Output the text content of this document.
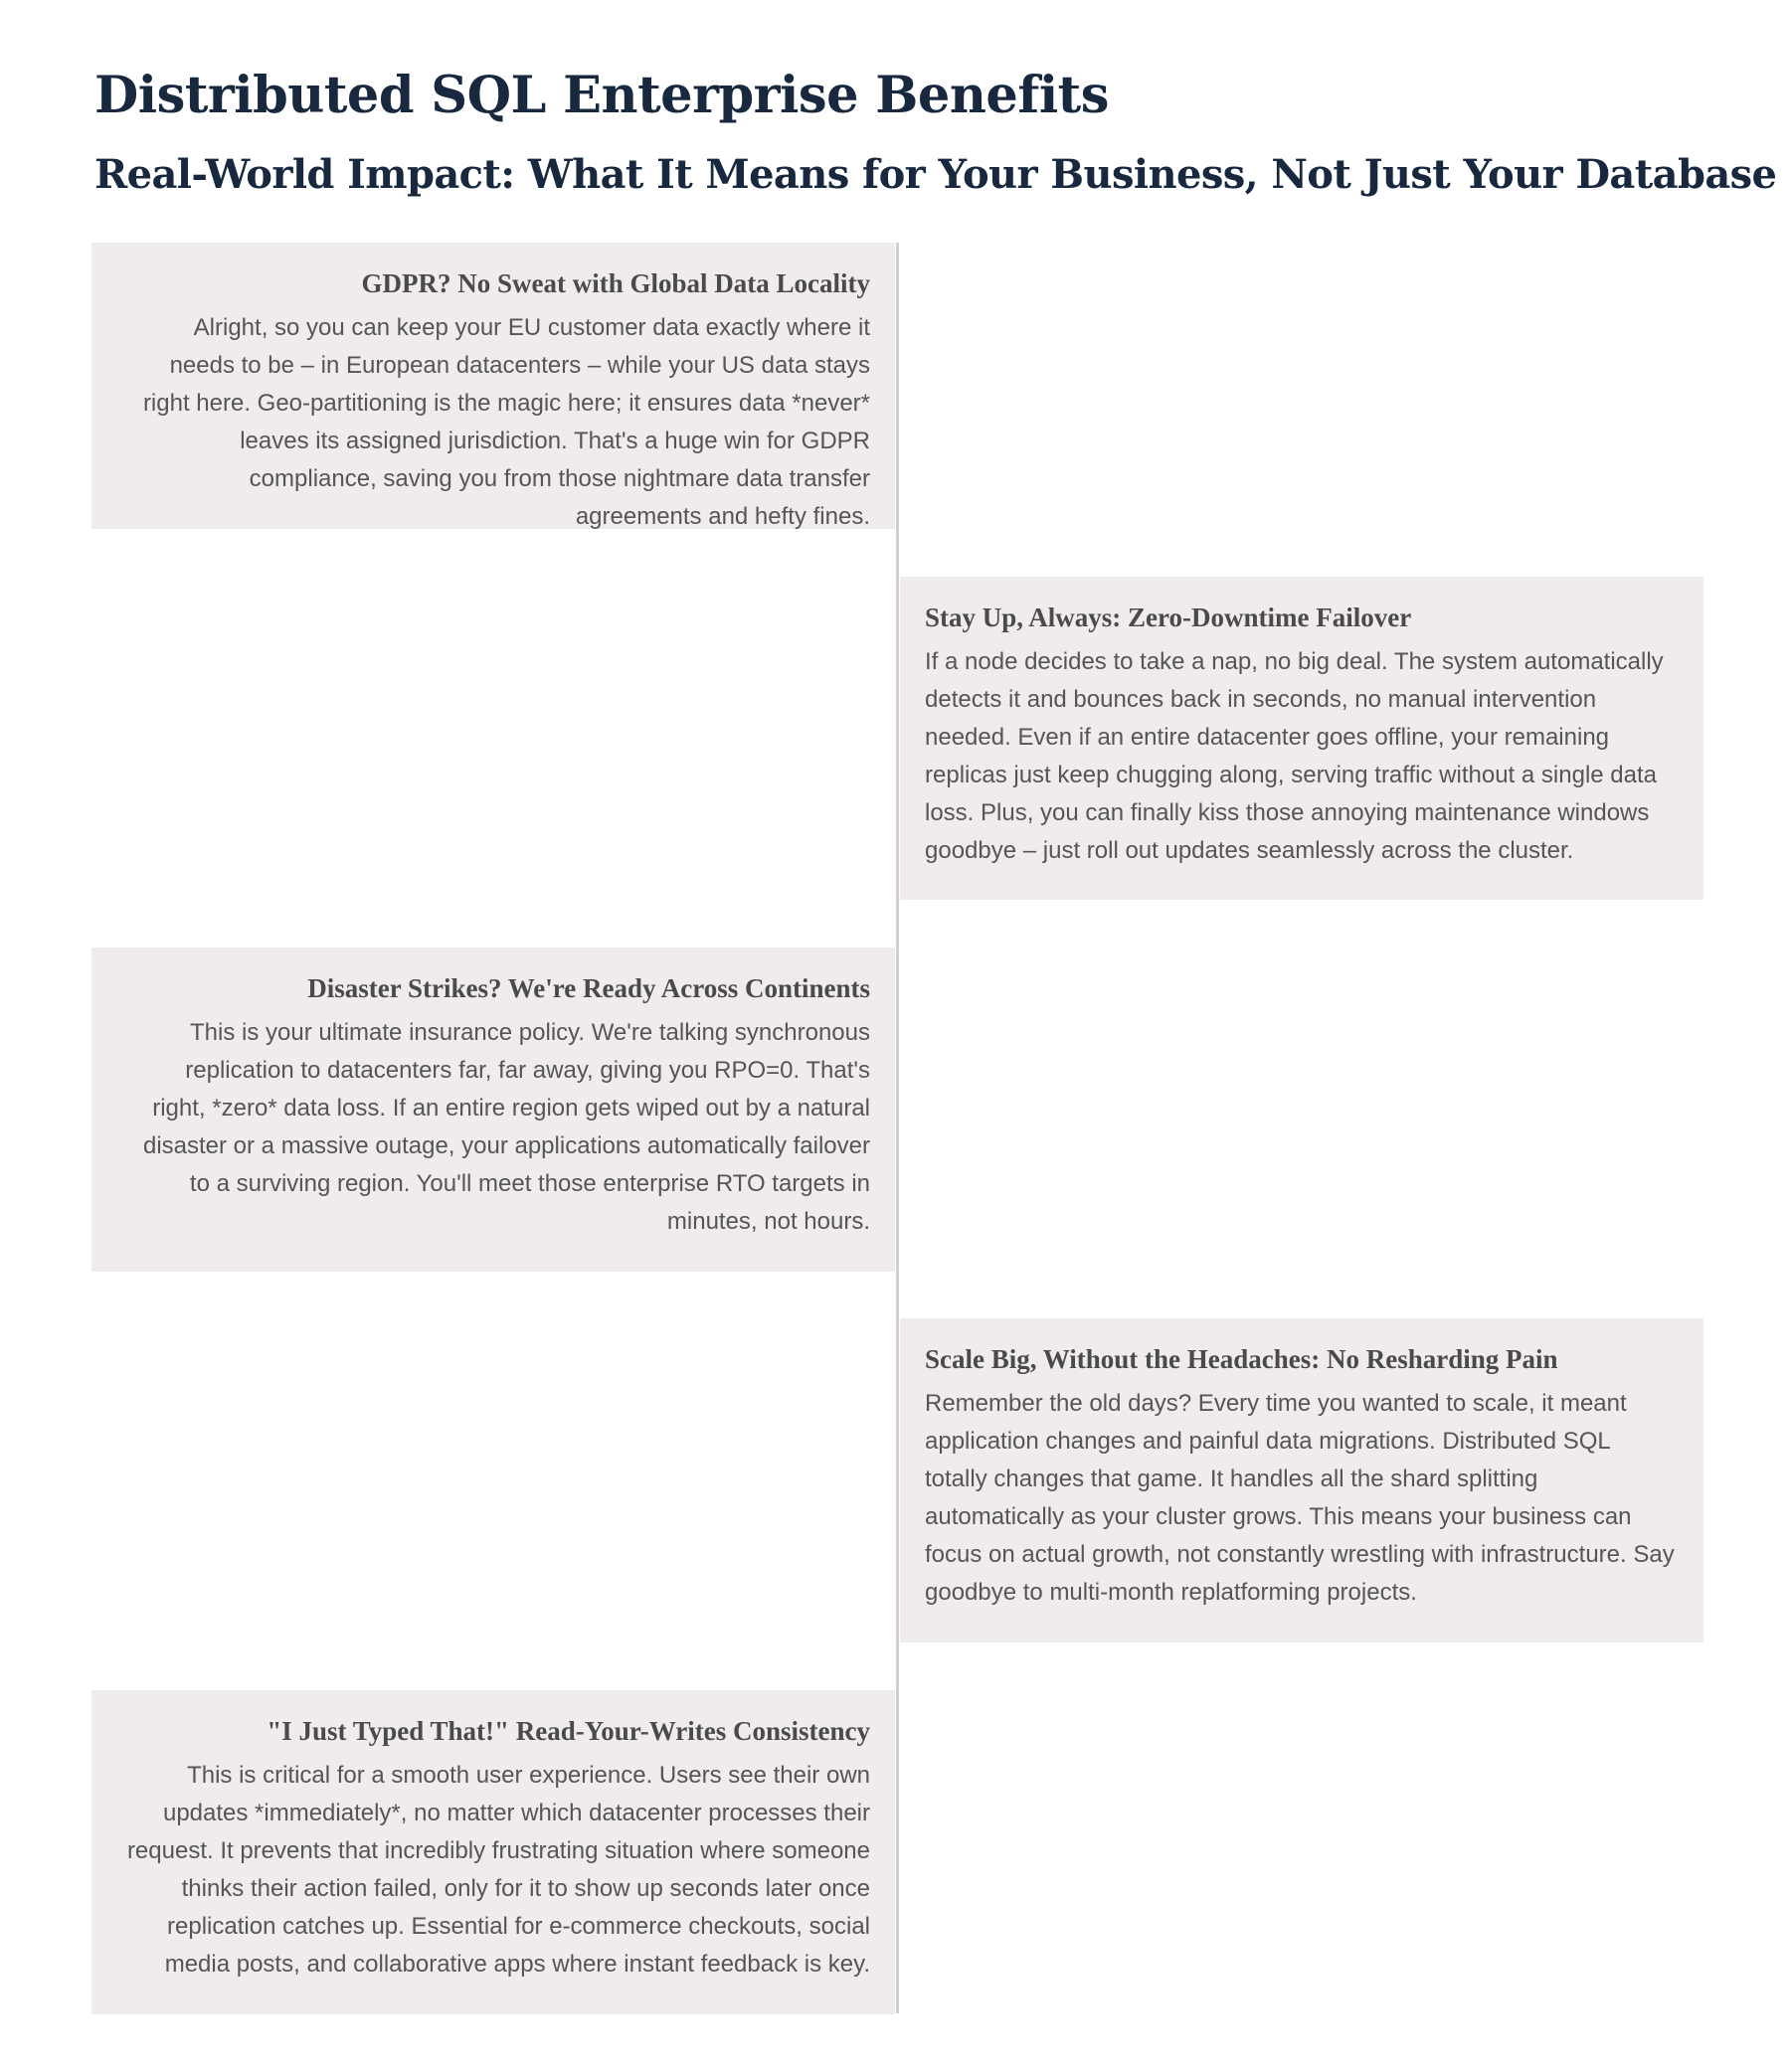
Distributed SQL Enterprise Benefits
Real-World Impact: What It Means for Your Business, Not Just Your Database
GDPR? No Sweat with Global Data Locality

Alright, so you can keep your EU customer data exactly where it needs to be – in European datacenters – while your US data stays right here. Geo-partitioning is the magic here; it ensures data *never* leaves its assigned jurisdiction. That's a huge win for GDPR compliance, saving you from those nightmare data transfer agreements and hefty fines.

Stay Up, Always: Zero-Downtime Failover

If a node decides to take a nap, no big deal. The system automatically detects it and bounces back in seconds, no manual intervention needed. Even if an entire datacenter goes offline, your remaining replicas just keep chugging along, serving traffic without a single data loss. Plus, you can finally kiss those annoying maintenance windows goodbye – just roll out updates seamlessly across the cluster.

Disaster Strikes? We're Ready Across Continents

This is your ultimate insurance policy. We're talking synchronous replication to datacenters far, far away, giving you RPO=0. That's right, *zero* data loss. If an entire region gets wiped out by a natural disaster or a massive outage, your applications automatically failover to a surviving region. You'll meet those enterprise RTO targets in minutes, not hours.

Scale Big, Without the Headaches: No Resharding Pain

Remember the old days? Every time you wanted to scale, it meant application changes and painful data migrations. Distributed SQL totally changes that game. It handles all the shard splitting automatically as your cluster grows. This means your business can focus on actual growth, not constantly wrestling with infrastructure. Say goodbye to multi-month replatforming projects.

"I Just Typed That!" Read-Your-Writes Consistency

This is critical for a smooth user experience. Users see their own updates *immediately*, no matter which datacenter processes their request. It prevents that incredibly frustrating situation where someone thinks their action failed, only for it to show up seconds later once replication catches up. Essential for e-commerce checkouts, social media posts, and collaborative apps where instant feedback is key.
